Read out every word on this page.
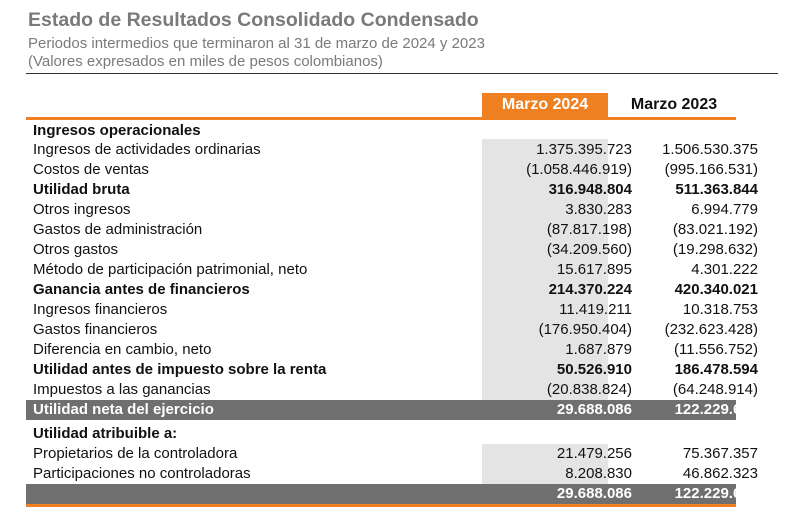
Estado de Resultados Consolidado Condensado
Periodos intermedios que terminaron al 31 de marzo de 2024 y 2023
(Valores expresados en miles de pesos colombianos)
Marzo 2024	Marzo 2023
Ingresos operacionales
Ingresos de actividades ordinarias	1.375.395.723	1.506.530.375
Costos de ventas	(1.058.446.919)	(995.166.531)
Utilidad bruta	316.948.804	511.363.844
Otros ingresos	3.830.283	6.994.779
Gastos de administración	(87.817.198)	(83.021.192)
Otros gastos	(34.209.560)	(19.298.632)
Método de participación patrimonial, neto	15.617.895	4.301.222
Ganancia antes de financieros	214.370.224	420.340.021
Ingresos financieros	11.419.211	10.318.753
Gastos financieros	(176.950.404)	(232.623.428)
Diferencia en cambio, neto	1.687.879	(11.556.752)
Utilidad antes de impuesto sobre la renta	50.526.910	186.478.594
Impuestos a las ganancias	(20.838.824)	(64.248.914)
Utilidad neta del ejercicio	29.688.086	122.229.680
Utilidad atribuible a:
Propietarios de la controladora	21.479.256	75.367.357
Participaciones no controladoras	8.208.830	46.862.323
29.688.086	122.229.680
